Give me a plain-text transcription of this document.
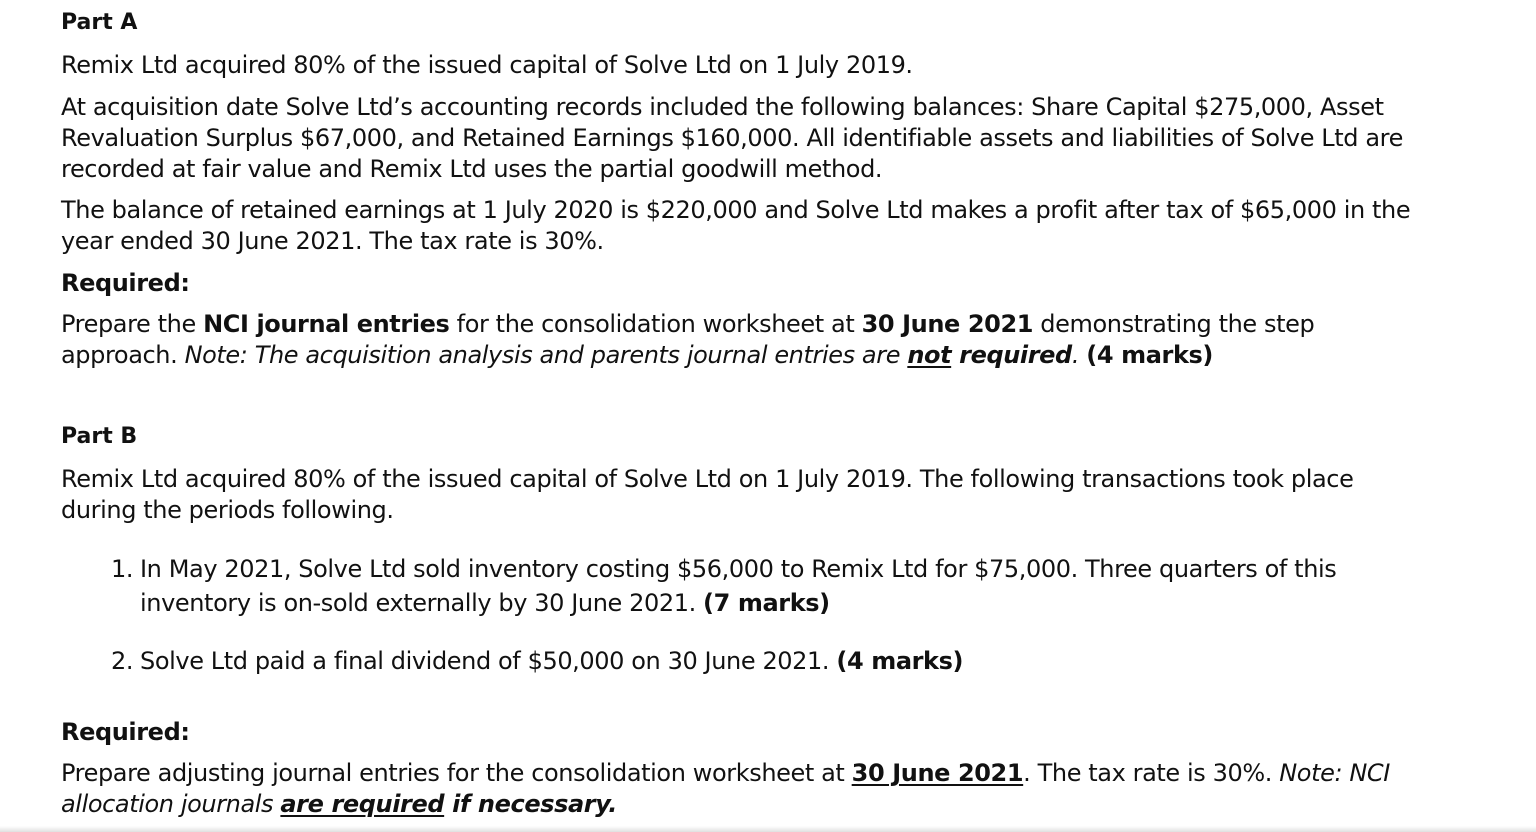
Part A

Remix Ltd acquired 80% of the issued capital of Solve Ltd on 1 July 2019.

At acquisition date Solve Ltd’s accounting records included the following balances: Share Capital $275,000, Asset

Revaluation Surplus $67,000, and Retained Earnings $160,000. All identifiable assets and liabilities of Solve Ltd are

recorded at fair value and Remix Ltd uses the partial goodwill method.

The balance of retained earnings at 1 July 2020 is $220,000 and Solve Ltd makes a profit after tax of $65,000 in the

year ended 30 June 2021. The tax rate is 30%.

Required:

Prepare the NCI journal entries for the consolidation worksheet at 30 June 2021 demonstrating the step

approach. Note: The acquisition analysis and parents journal entries are not required. (4 marks)

Part B

Remix Ltd acquired 80% of the issued capital of Solve Ltd on 1 July 2019. The following transactions took place

during the periods following.

1. In May 2021, Solve Ltd sold inventory costing $56,000 to Remix Ltd for $75,000. Three quarters of this

inventory is on-sold externally by 30 June 2021. (7 marks)

2. Solve Ltd paid a final dividend of $50,000 on 30 June 2021. (4 marks)

Required:

Prepare adjusting journal entries for the consolidation worksheet at 30 June 2021. The tax rate is 30%. Note: NCI

allocation journals are required if necessary.
